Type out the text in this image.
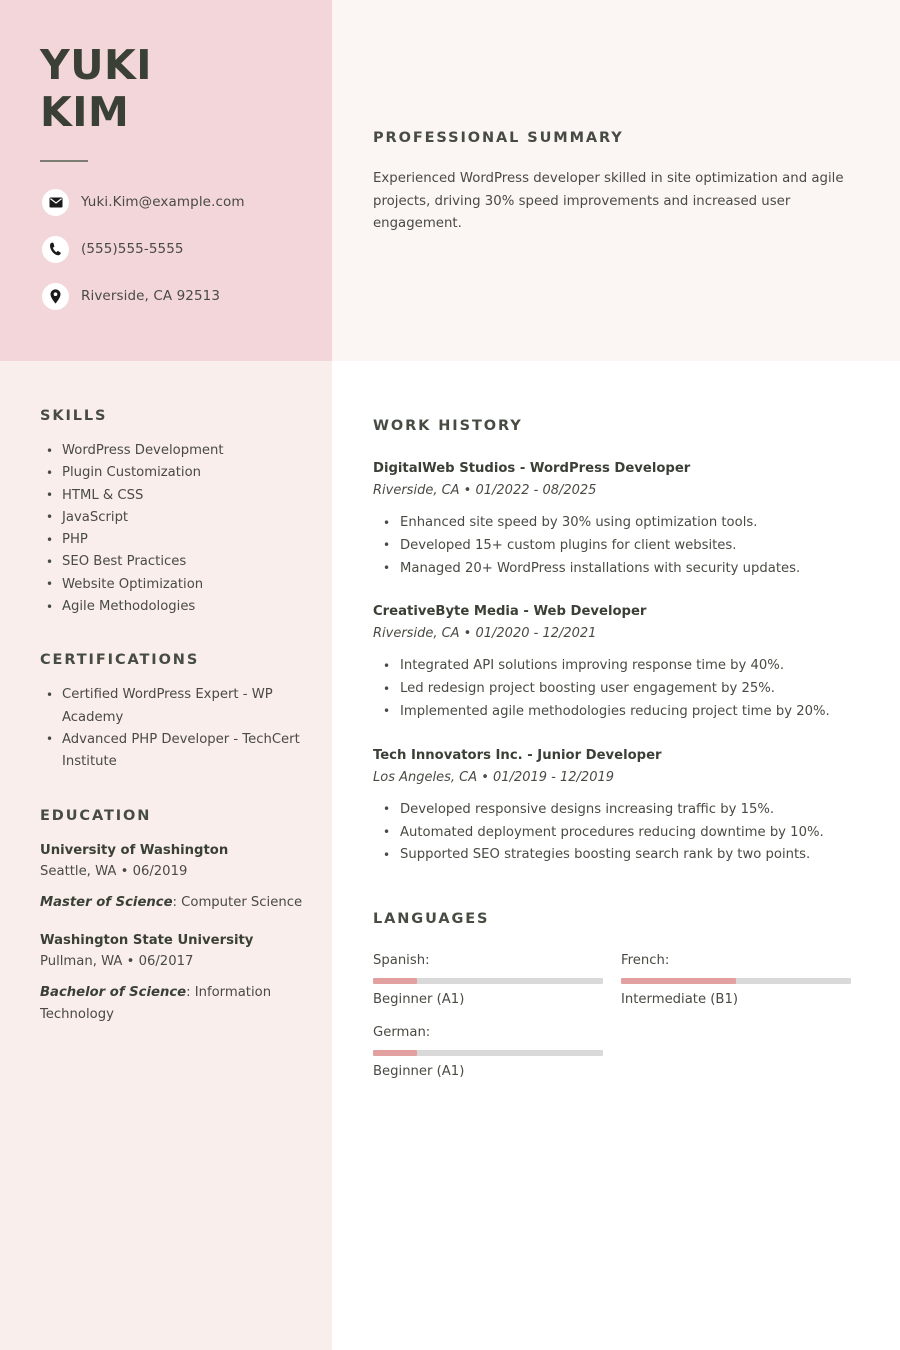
YUKI
KIM
Yuki.Kim@example.com
(555)555-5555
Riverside, CA 92513
PROFESSIONAL SUMMARY
Experienced WordPress developer skilled in site optimization and agile projects, driving 30% speed improvements and increased user engagement.
SKILLS
• WordPress Development
• Plugin Customization
• HTML & CSS
• JavaScript
• PHP
• SEO Best Practices
• Website Optimization
• Agile Methodologies
CERTIFICATIONS
• Certified WordPress Expert - WP Academy
• Advanced PHP Developer - TechCert Institute
EDUCATION
University of Washington
Seattle, WA • 06/2019
Master of Science: Computer Science
Washington State University
Pullman, WA • 06/2017
Bachelor of Science: Information Technology
WORK HISTORY
DigitalWeb Studios - WordPress Developer
Riverside, CA • 01/2022 - 08/2025
• Enhanced site speed by 30% using optimization tools.
• Developed 15+ custom plugins for client websites.
• Managed 20+ WordPress installations with security updates.
CreativeByte Media - Web Developer
Riverside, CA • 01/2020 - 12/2021
• Integrated API solutions improving response time by 40%.
• Led redesign project boosting user engagement by 25%.
• Implemented agile methodologies reducing project time by 20%.
Tech Innovators Inc. - Junior Developer
Los Angeles, CA • 01/2019 - 12/2019
• Developed responsive designs increasing traffic by 15%.
• Automated deployment procedures reducing downtime by 10%.
• Supported SEO strategies boosting search rank by two points.
LANGUAGES
Spanish:
Beginner (A1)
French:
Intermediate (B1)
German:
Beginner (A1)
